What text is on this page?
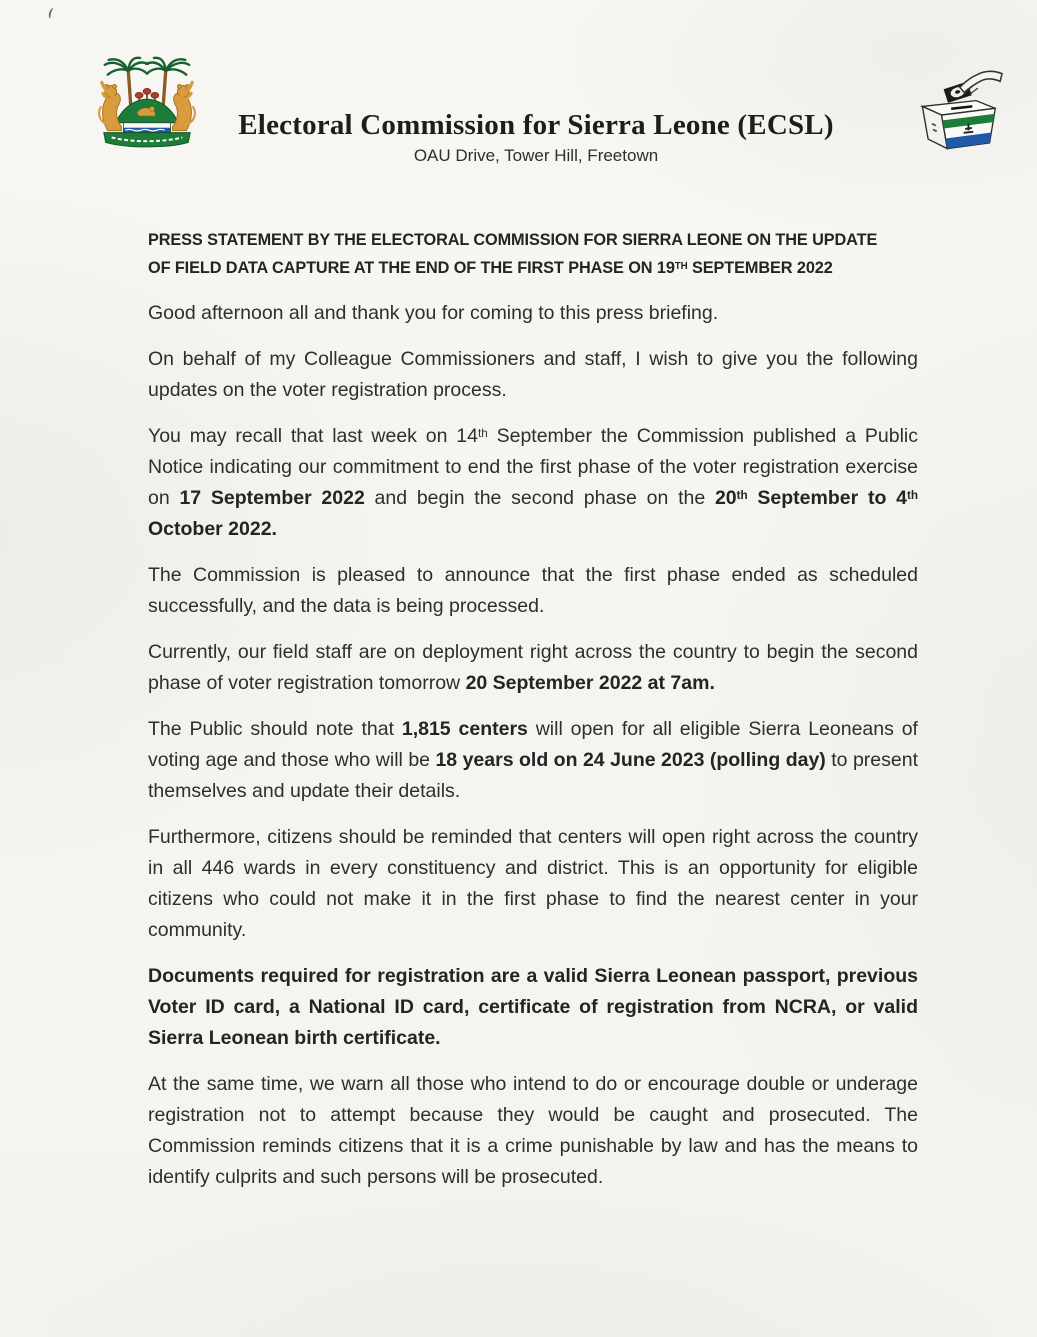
Electoral Commission for Sierra Leone (ECSL)
OAU Drive, Tower Hill, Freetown

PRESS STATEMENT BY THE ELECTORAL COMMISSION FOR SIERRA LEONE ON THE UPDATE
OF FIELD DATA CAPTURE AT THE END OF THE FIRST PHASE ON 19TH SEPTEMBER 2022

Good afternoon all and thank you for coming to this press briefing.

On behalf of my Colleague Commissioners and staff, I wish to give you the following updates on the voter registration process.

You may recall that last week on 14th September the Commission published a Public Notice indicating our commitment to end the first phase of the voter registration exercise on 17 September 2022 and begin the second phase on the 20th September to 4th October 2022.

The Commission is pleased to announce that the first phase ended as scheduled successfully, and the data is being processed.

Currently, our field staff are on deployment right across the country to begin the second phase of voter registration tomorrow 20 September 2022 at 7am.

The Public should note that 1,815 centers will open for all eligible Sierra Leoneans of voting age and those who will be 18 years old on 24 June 2023 (polling day) to present themselves and update their details.

Furthermore, citizens should be reminded that centers will open right across the country in all 446 wards in every constituency and district. This is an opportunity for eligible citizens who could not make it in the first phase to find the nearest center in your community.

Documents required for registration are a valid Sierra Leonean passport, previous Voter ID card, a National ID card, certificate of registration from NCRA, or valid Sierra Leonean birth certificate.

At the same time, we warn all those who intend to do or encourage double or underage registration not to attempt because they would be caught and prosecuted. The Commission reminds citizens that it is a crime punishable by law and has the means to identify culprits and such persons will be prosecuted.
